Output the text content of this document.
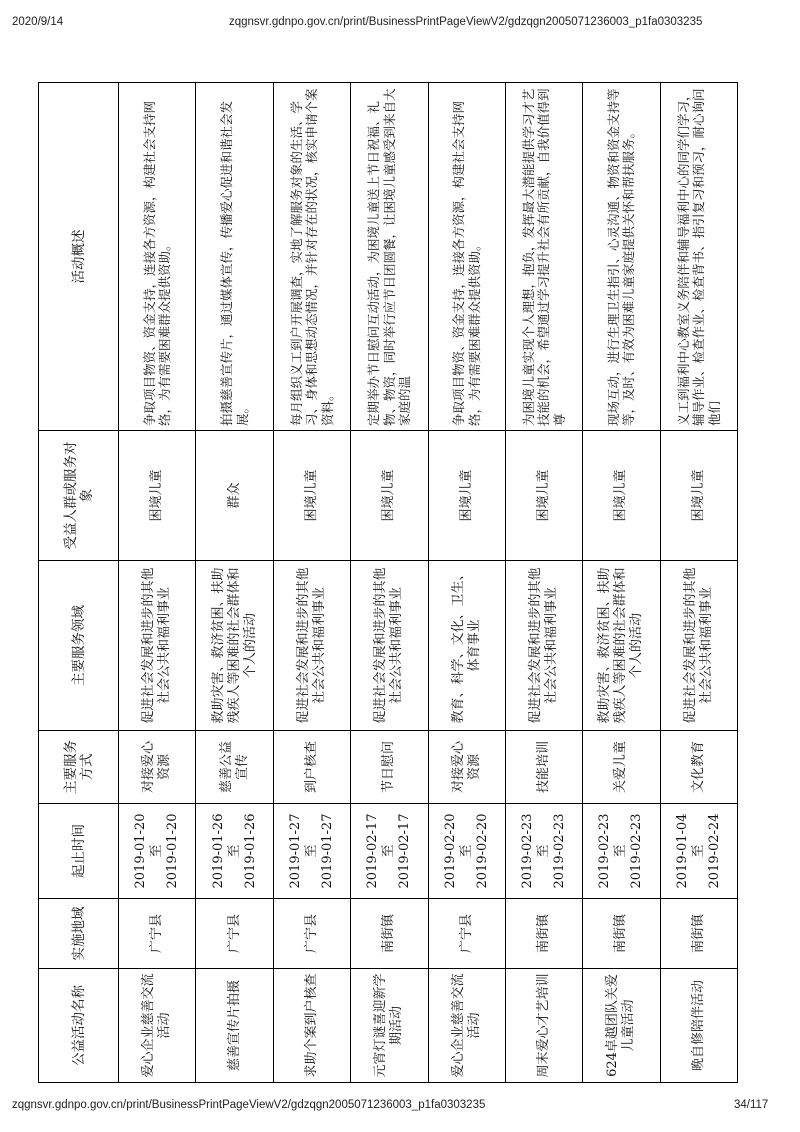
2020/9/14	zqgnsvr.gdnpo.gov.cn/print/BusinessPrintPageViewV2/gdzqgn2005071236003_p1fa0303235
公益活动名称	实施地域	起止时间	主要服务方式	主要服务领域	受益人群或服务对象	活动概述
爱心企业慈善交流活动	广宁县	2019-01-20 至 2019-01-20	对接爱心资源	促进社会发展和进步的其他社会公共和福利事业	困境儿童	争取项目物资、资金支持，连接各方资源，构建社会支持网络，为有需要困难群众提供资助。
慈善宣传片拍摄	广宁县	2019-01-26 至 2019-01-26	慈善公益宣传	救助灾害、救济贫困、扶助残疾人等困难的社会群体和个人的活动	群众	拍摄慈善宣传片，通过媒体宣传，传播爱心促进和谐社会发展。
求助个案到户核查	广宁县	2019-01-27 至 2019-01-27	到户核查	促进社会发展和进步的其他社会公共和福利事业	困境儿童	每月组织义工到户开展调查，实地了解服务对象的生活、学习、身体和思想动态情况，并针对存在的状况，核实申请个案资料。
元宵灯谜喜迎新学期活动	南街镇	2019-02-17 至 2019-02-17	节日慰问	促进社会发展和进步的其他社会公共和福利事业	困境儿童	定期举办节日慰问互动活动，为困境儿童送上节日祝福、礼物、物资，同时举行应节日团圆餐，让困境儿童感受到来自大家庭的温
爱心企业慈善交流活动	广宁县	2019-02-20 至 2019-02-20	对接爱心资源	教育、科学、文化、卫生、体育事业	困境儿童	争取项目物资、资金支持，连接各方资源，构建社会支持网络，为有需要困难群众提供资助。
周末爱心才艺培训	南街镇	2019-02-23 至 2019-02-23	技能培训	促进社会发展和进步的其他社会公共和福利事业	困境儿童	为困境儿童实现个人理想，抱负，发挥最大潜能提供学习才艺技能的机会，希望通过学习提升社会有所贡献，自我价值得到尊
624卓越团队关爱儿童活动	南街镇	2019-02-23 至 2019-02-23	关爱儿童	救助灾害、救济贫困、扶助残疾人等困难的社会群体和个人的活动	困境儿童	现场互动，进行生理卫生指引、心灵沟通、物资和资金支持等等，及时、有效为困难儿童家庭提供关怀和帮扶服务。
晚自修陪伴活动	南街镇	2019-01-04 至 2019-02-24	文化教育	促进社会发展和进步的其他社会公共和福利事业	困境儿童	义工到福利中心教室义务陪伴和辅导福利中心的同学们学习，辅导作业、检查作业、检查背书、指引复习和预习，耐心询问他们
zqgnsvr.gdnpo.gov.cn/print/BusinessPrintPageViewV2/gdzqgn2005071236003_p1fa0303235	34/117
